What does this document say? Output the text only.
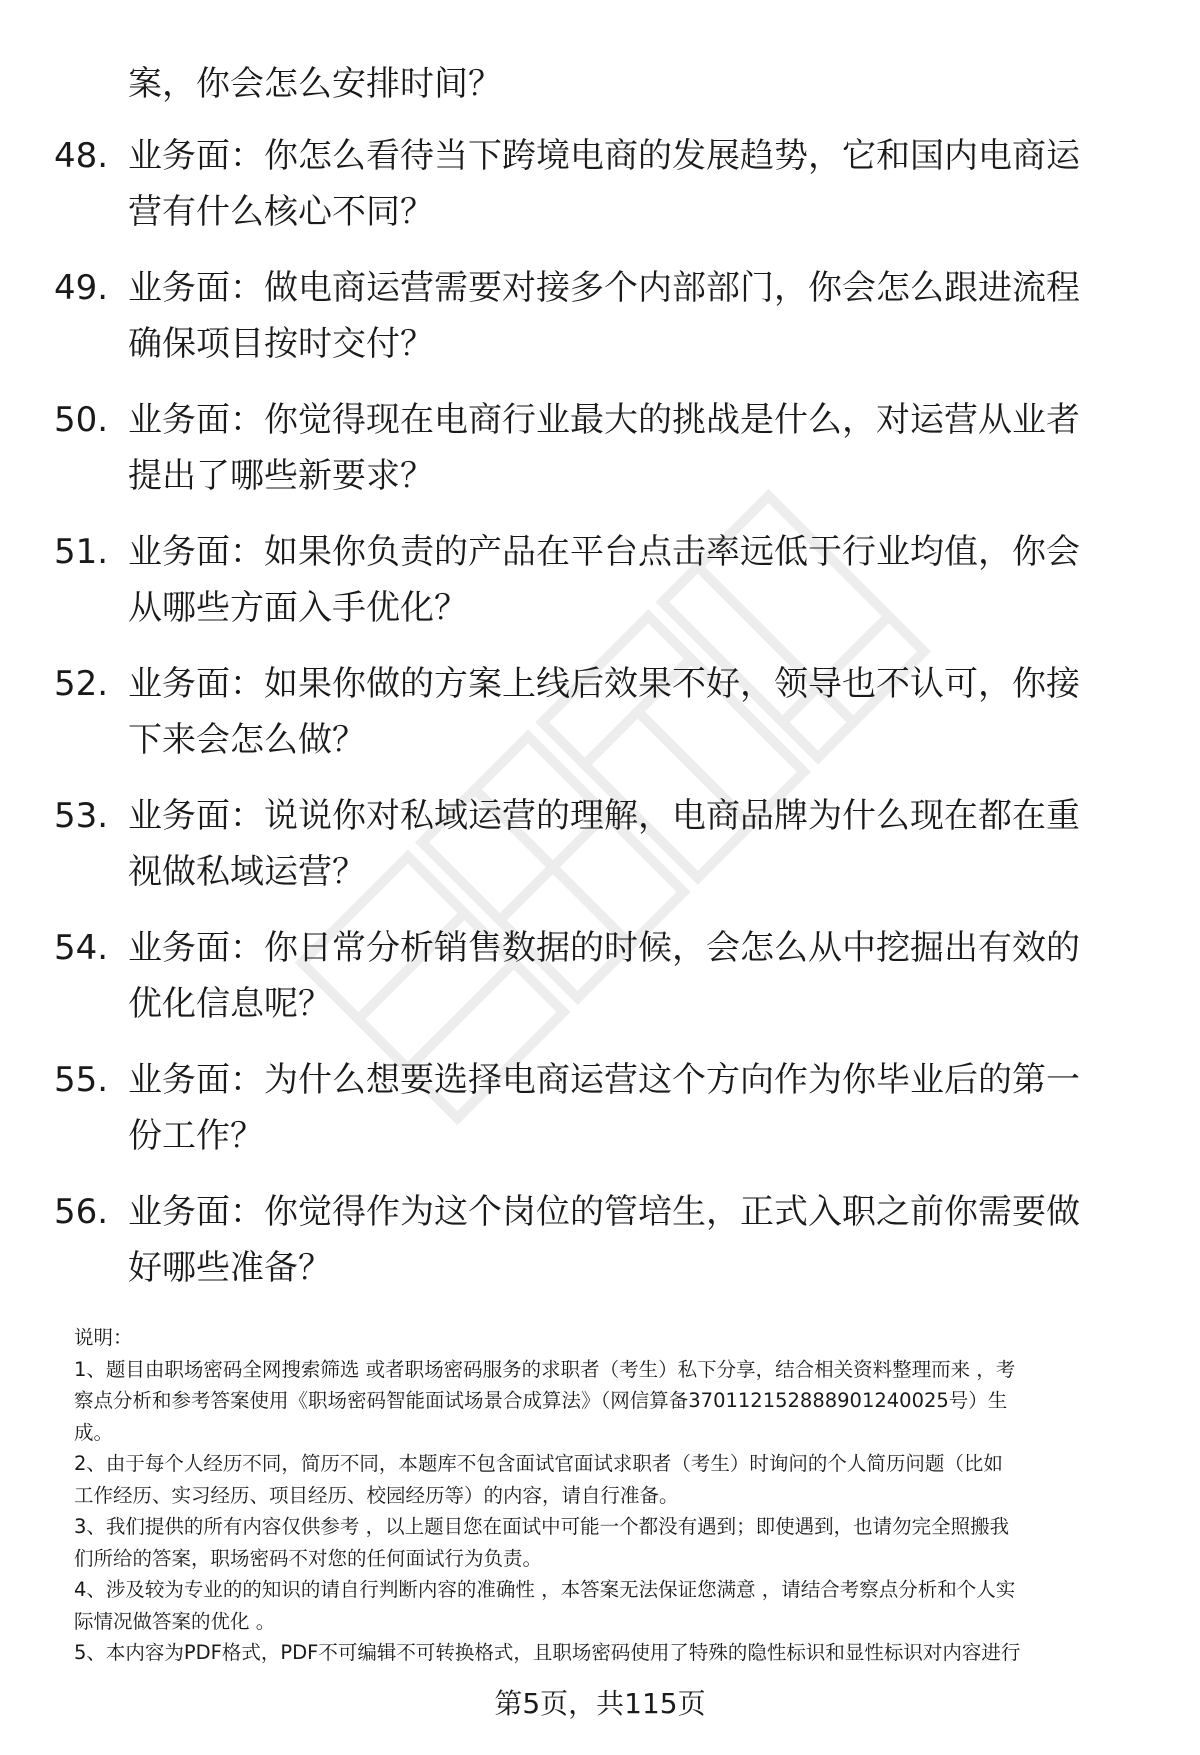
案，你会怎么安排时间？
48. 业务面：你怎么看待当下跨境电商的发展趋势，它和国内电商运
营有什么核心不同？
49. 业务面：做电商运营需要对接多个内部部门，你会怎么跟进流程
确保项目按时交付？
50. 业务面：你觉得现在电商行业最大的挑战是什么，对运营从业者
提出了哪些新要求？
51. 业务面：如果你负责的产品在平台点击率远低于行业均值，你会
从哪些方面入手优化？
52. 业务面：如果你做的方案上线后效果不好，领导也不认可，你接
下来会怎么做？
53. 业务面：说说你对私域运营的理解，电商品牌为什么现在都在重
视做私域运营？
54. 业务面：你日常分析销售数据的时候，会怎么从中挖掘出有效的
优化信息呢？
55. 业务面：为什么想要选择电商运营这个方向作为你毕业后的第一
份工作？
56. 业务面：你觉得作为这个岗位的管培生，正式入职之前你需要做
好哪些准备？
说明：
1、题目由职场密码全网搜索筛选 或者职场密码服务的求职者（考生）私下分享，结合相关资料整理而来 ，考
察点分析和参考答案使用《职场密码智能面试场景合成算法》（网信算备370112152888901240025号）生
成。
2、由于每个人经历不同，简历不同，本题库不包含面试官面试求职者（考生）时询问的个人简历问题（比如
工作经历、实习经历、项目经历、校园经历等）的内容，请自行准备。
3、我们提供的所有内容仅供参考 ，以上题目您在面试中可能一个都没有遇到；即使遇到，也请勿完全照搬我
们所给的答案，职场密码不对您的任何面试行为负责。
4、涉及较为专业的的知识的请自行判断内容的准确性 ，本答案无法保证您满意 ，请结合考察点分析和个人实
际情况做答案的优化 。
5、本内容为PDF格式，PDF不可编辑不可转换格式，且职场密码使用了特殊的隐性标识和显性标识对内容进行
第5页，共115页
